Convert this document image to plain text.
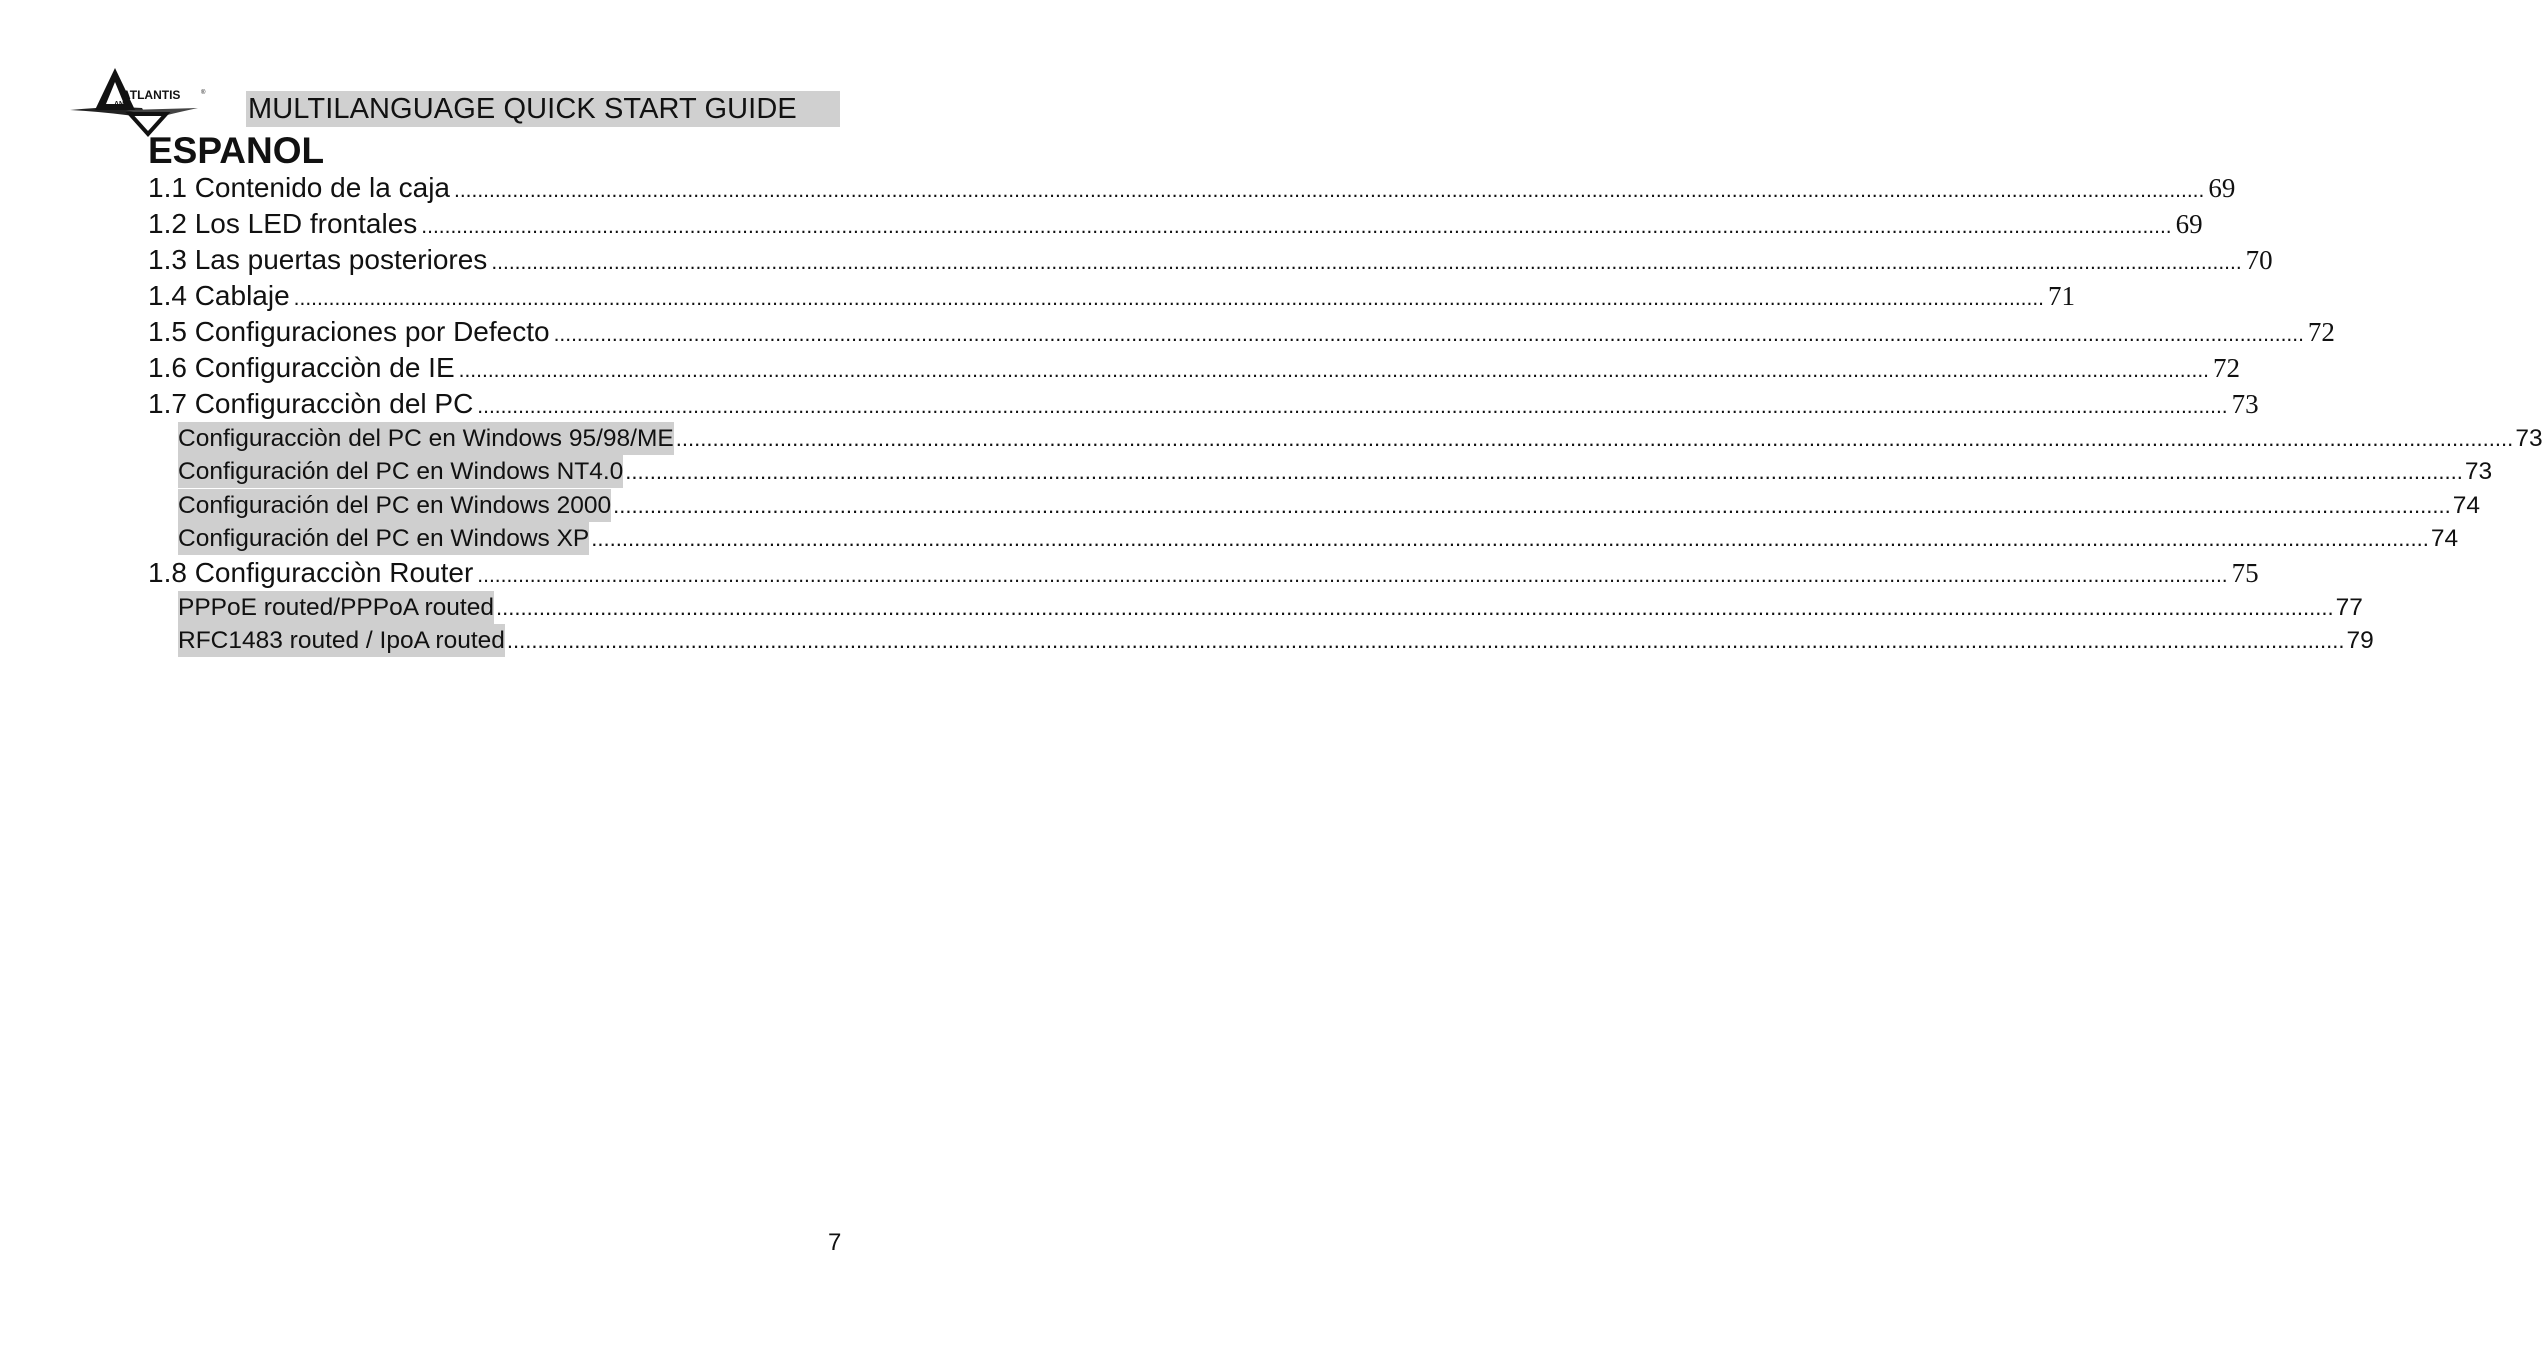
ATLANTIS
AND
® MULTILANGUAGE QUICK START GUIDE
ESPANOL
1.1 Contenido de la caja ............................................................................................................................................................................................................................................................................................................ 69
1.2 Los LED frontales ............................................................................................................................................................................................................................................................................................................ 69
1.3 Las puertas posteriores ............................................................................................................................................................................................................................................................................................................ 70
1.4 Cablaje ............................................................................................................................................................................................................................................................................................................ 71
1.5 Configuraciones por Defecto ............................................................................................................................................................................................................................................................................................................ 72
1.6 Configuracciòn de IE ............................................................................................................................................................................................................................................................................................................ 72
1.7 Configuracciòn del PC ............................................................................................................................................................................................................................................................................................................ 73
Configuracciòn del PC en Windows 95/98/ME ............................................................................................................................................................................................................................................................................................................ 73
Configuración del PC en Windows NT4.0 ............................................................................................................................................................................................................................................................................................................ 73
Configuración del PC en Windows 2000 ............................................................................................................................................................................................................................................................................................................ 74
Configuración del PC en Windows XP ............................................................................................................................................................................................................................................................................................................ 74
1.8 Configuracciòn Router ............................................................................................................................................................................................................................................................................................................ 75
PPPoE routed/PPPoA routed ............................................................................................................................................................................................................................................................................................................ 77
RFC1483 routed / IpoA routed ............................................................................................................................................................................................................................................................................................................ 79
7
